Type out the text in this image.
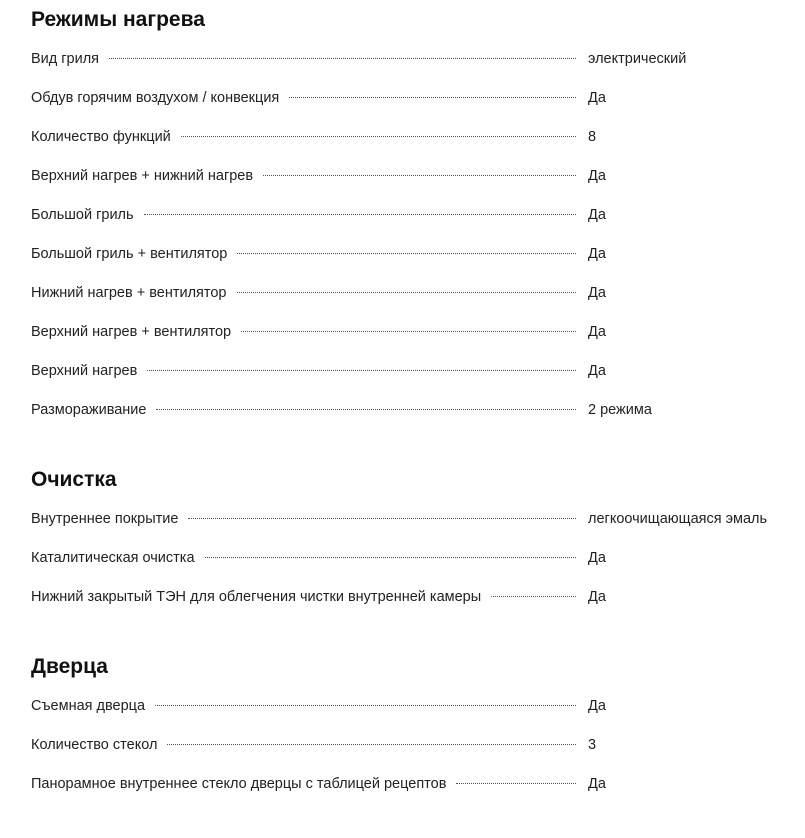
Режимы нагрева
Вид гриля	электрический
Обдув горячим воздухом / конвекция	Да
Количество функций	8
Верхний нагрев + нижний нагрев	Да
Большой гриль	Да
Большой гриль + вентилятор	Да
Нижний нагрев + вентилятор	Да
Верхний нагрев + вентилятор	Да
Верхний нагрев	Да
Размораживание	2 режима
Очистка
Внутреннее покрытие	легкоочищающаяся эмаль
Каталитическая очистка	Да
Нижний закрытый ТЭН для облегчения чистки внутренней камеры	Да
Дверца
Съемная дверца	Да
Количество стекол	3
Панорамное внутреннее стекло дверцы с таблицей рецептов	Да
